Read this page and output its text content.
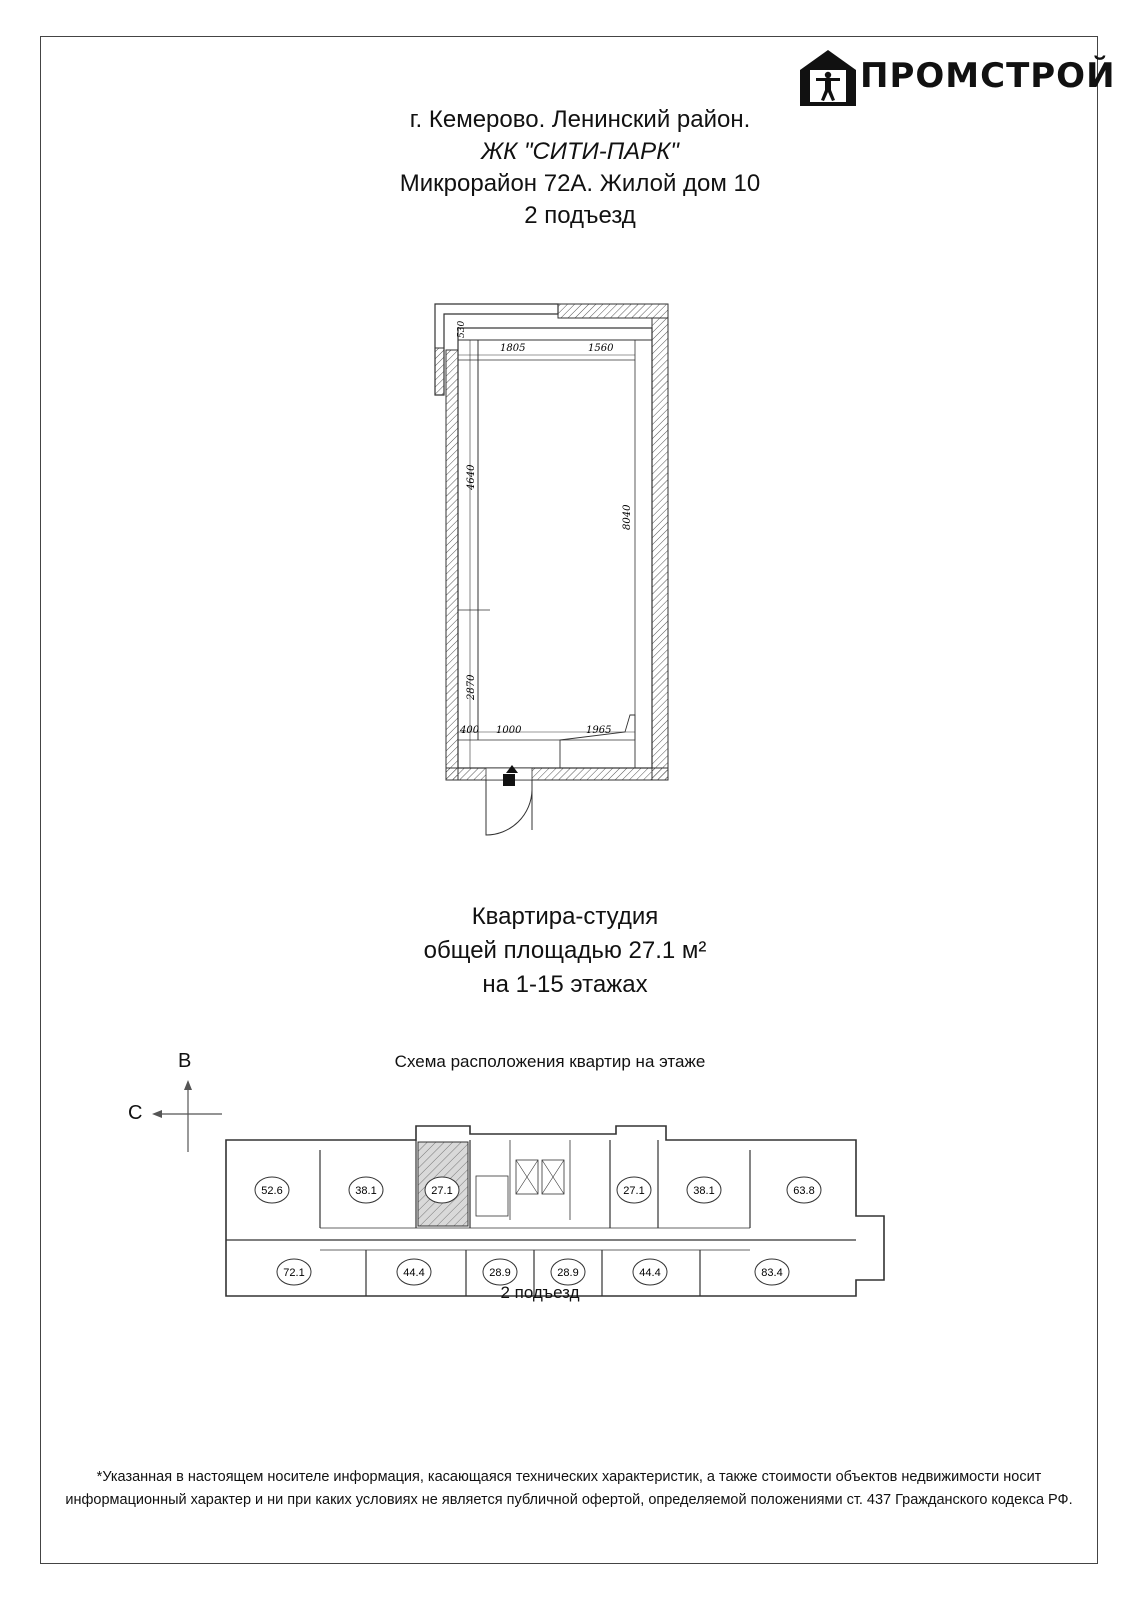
ПРОМСТРОЙ
г. Кемерово. Ленинский район.
ЖК "СИТИ-ПАРК"
Микрорайон 72А. Жилой дом 10
2 подъезд
530
1805	1560
4640
8040
2870
400 1000	1965
Квартира-студия
общей площадью 27.1 м²
на 1-15 этажах
Схема расположения квартир на этаже
В
С
52.6	38.1	27.1	27.1	38.1	63.8
72.1	44.4	28.9	28.9	44.4	83.4
2 подъезд
*Указанная в настоящем носителе информация, касающаяся технических характеристик, а также стоимости объектов недвижимости носит
информационный характер и ни при каких условиях не является публичной офертой, определяемой положениями ст. 437 Гражданского кодекса РФ.
